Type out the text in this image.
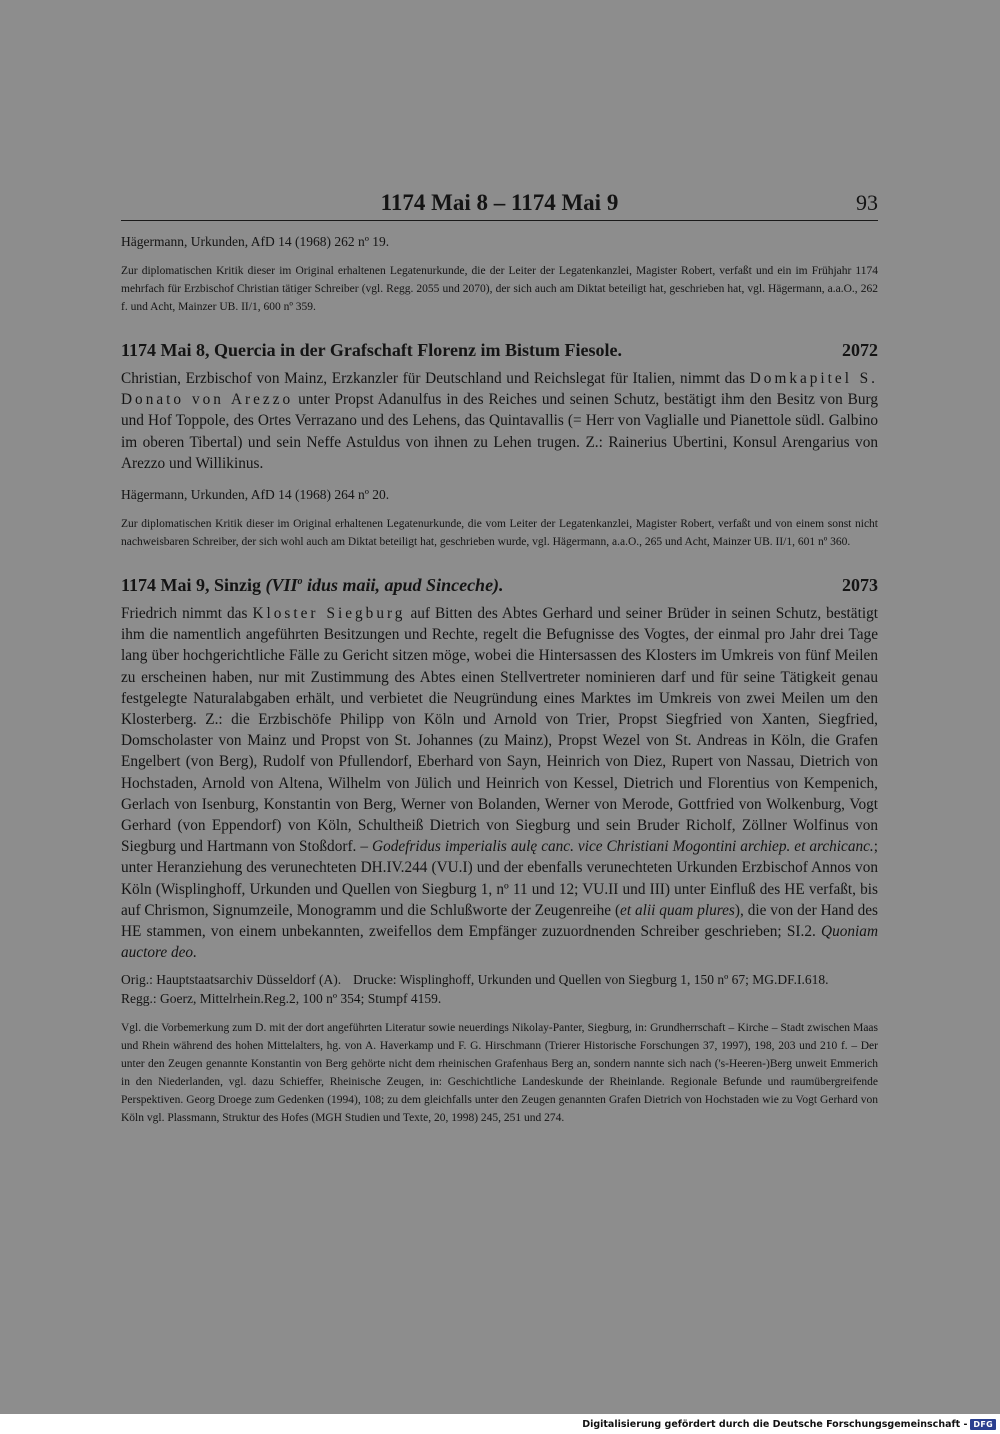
1174 Mai 8 – 1174 Mai 9	93

Hägermann, Urkunden, AfD 14 (1968) 262 nº 19.

Zur diplomatischen Kritik dieser im Original erhaltenen Legatenurkunde, die der Leiter der Legatenkanzlei, Magister Robert, verfaßt und ein im Frühjahr 1174 mehrfach für Erzbischof Christian tätiger Schreiber (vgl. Regg. 2055 und 2070), der sich auch am Diktat beteiligt hat, geschrieben hat, vgl. Hägermann, a.a.O., 262 f. und Acht, Mainzer UB. II/1, 600 nº 359.

1174 Mai 8, Quercia in der Grafschaft Florenz im Bistum Fiesole.	2072

Christian, Erzbischof von Mainz, Erzkanzler für Deutschland und Reichslegat für Italien, nimmt das Domkapitel S. Donato von Arezzo unter Propst Adanulfus in des Reiches und seinen Schutz, bestätigt ihm den Besitz von Burg und Hof Toppole, des Ortes Verrazano und des Lehens, das Quintavallis (= Herr von Vaglialle und Pianettole südl. Galbino im oberen Tibertal) und sein Neffe Astuldus von ihnen zu Lehen trugen. Z.: Rainerius Ubertini, Konsul Arengarius von Arezzo und Willikinus.

Hägermann, Urkunden, AfD 14 (1968) 264 nº 20.

Zur diplomatischen Kritik dieser im Original erhaltenen Legatenurkunde, die vom Leiter der Legatenkanzlei, Magister Robert, verfaßt und von einem sonst nicht nachweisbaren Schreiber, der sich wohl auch am Diktat beteiligt hat, geschrieben wurde, vgl. Hägermann, a.a.O., 265 und Acht, Mainzer UB. II/1, 601 nº 360.

1174 Mai 9, Sinzig (VII$^o$ idus maii, apud Sinceche).	2073

Friedrich nimmt das Kloster Siegburg auf Bitten des Abtes Gerhard und seiner Brüder in seinen Schutz, bestätigt ihm die namentlich angeführten Besitzungen und Rechte, regelt die Befugnisse des Vogtes, der einmal pro Jahr drei Tage lang über hochgerichtliche Fälle zu Gericht sitzen möge, wobei die Hintersassen des Klosters im Umkreis von fünf Meilen zu erscheinen haben, nur mit Zustimmung des Abtes einen Stellvertreter nominieren darf und für seine Tätigkeit genau festgelegte Naturalabgaben erhält, und verbietet die Neugründung eines Marktes im Umkreis von zwei Meilen um den Klosterberg. Z.: die Erzbischöfe Philipp von Köln und Arnold von Trier, Propst Siegfried von Xanten, Siegfried, Domscholaster von Mainz und Propst von St. Johannes (zu Mainz), Propst Wezel von St. Andreas in Köln, die Grafen Engelbert (von Berg), Rudolf von Pfullendorf, Eberhard von Sayn, Heinrich von Diez, Rupert von Nassau, Dietrich von Hochstaden, Arnold von Altena, Wilhelm von Jülich und Heinrich von Kessel, Dietrich und Florentius von Kempenich, Gerlach von Isenburg, Konstantin von Berg, Werner von Bolanden, Werner von Merode, Gottfried von Wolkenburg, Vogt Gerhard (von Eppendorf) von Köln, Schultheiß Dietrich von Siegburg und sein Bruder Richolf, Zöllner Wolfinus von Siegburg und Hartmann von Stoßdorf. – Godefridus imperialis aulę canc. vice Christiani Mogontini archiep. et archicanc.; unter Heranziehung des verunechteten DH.IV.244 (VU.I) und der ebenfalls verunechteten Urkunden Erzbischof Annos von Köln (Wisplinghoff, Urkunden und Quellen von Siegburg 1, nº 11 und 12; VU.II und III) unter Einfluß des HE verfaßt, bis auf Chrismon, Signumzeile, Monogramm und die Schlußworte der Zeugenreihe (et alii quam plures), die von der Hand des HE stammen, von einem unbekannten, zweifellos dem Empfänger zuzuordnenden Schreiber geschrieben; SI.2. Quoniam auctore deo.

Orig.: Hauptstaatsarchiv Düsseldorf (A). Drucke: Wisplinghoff, Urkunden und Quellen von Siegburg 1, 150 nº 67; MG.DF.I.618.
Regg.: Goerz, Mittelrhein.Reg.2, 100 nº 354; Stumpf 4159.

Vgl. die Vorbemerkung zum D. mit der dort angeführten Literatur sowie neuerdings Nikolay-Panter, Siegburg, in: Grundherrschaft – Kirche – Stadt zwischen Maas und Rhein während des hohen Mittelalters, hg. von A. Haverkamp und F. G. Hirschmann (Trierer Historische Forschungen 37, 1997), 198, 203 und 210 f. – Der unter den Zeugen genannte Konstantin von Berg gehörte nicht dem rheinischen Grafenhaus Berg an, sondern nannte sich nach ('s-Heeren-)Berg unweit Emmerich in den Niederlanden, vgl. dazu Schieffer, Rheinische Zeugen, in: Geschichtliche Landeskunde der Rheinlande. Regionale Befunde und raumübergreifende Perspektiven. Georg Droege zum Gedenken (1994), 108; zu dem gleichfalls unter den Zeugen genannten Grafen Dietrich von Hochstaden wie zu Vogt Gerhard von Köln vgl. Plassmann, Struktur des Hofes (MGH Studien und Texte, 20, 1998) 245, 251 und 274.

Digitalisierung gefördert durch die Deutsche Forschungsgemeinschaft - DFG
